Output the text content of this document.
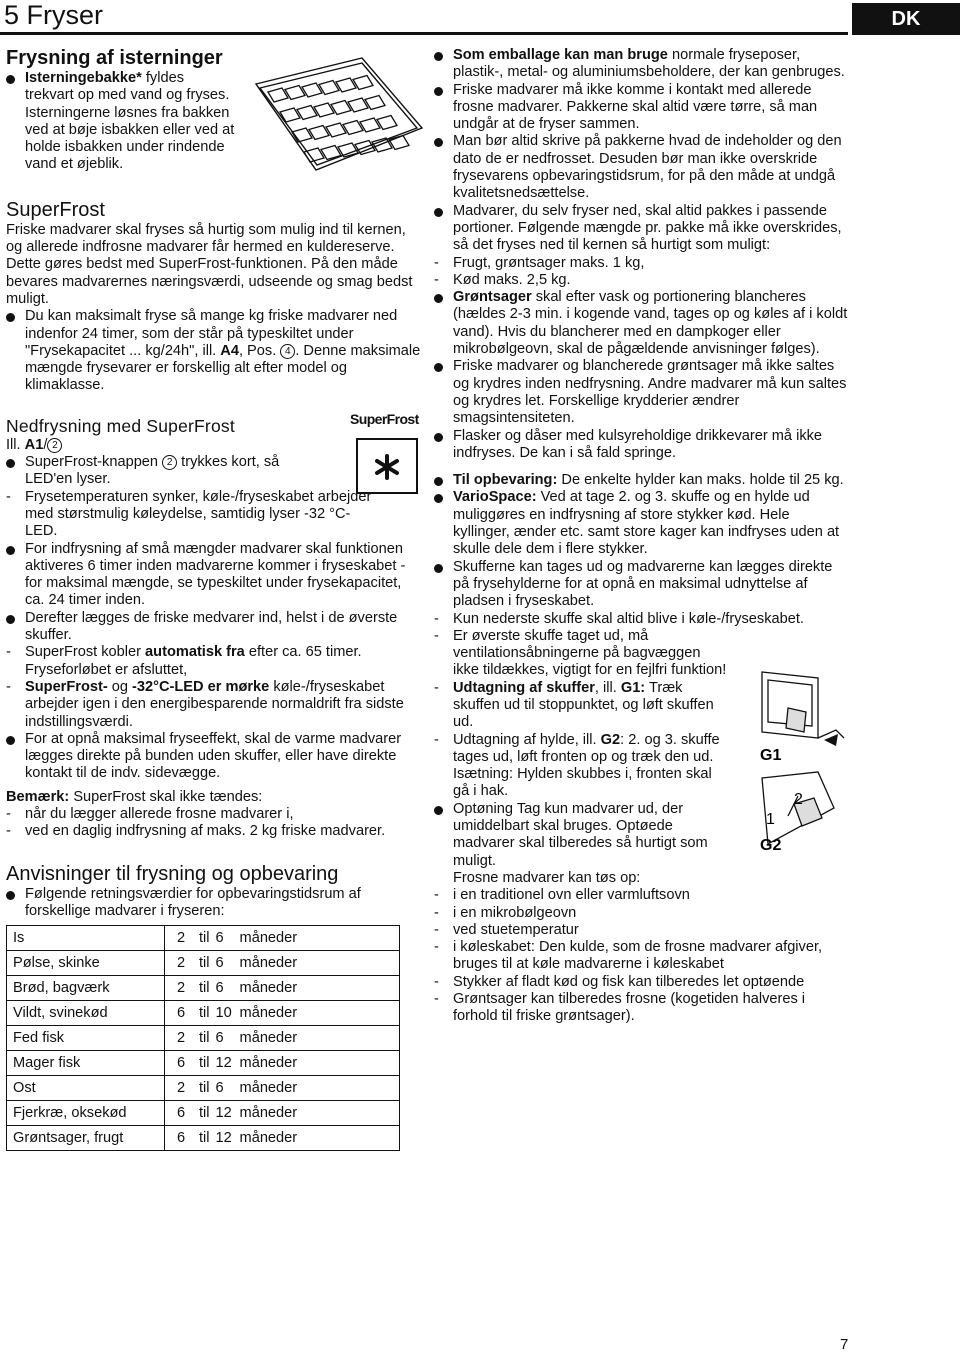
5 Fryser	DK
Frysning af isterninger
Isterningebakke* fyldes
trekvart op med vand og fryses.
Isterningerne løsnes fra bakken
ved at bøje isbakken eller ved at
holde isbakken under rindende
vand et øjeblik.
SuperFrost

Friske madvarer skal fryses så hurtig som mulig ind til kernen, og allerede indfrosne madvarer får hermed en kuldereserve. Dette gøres bedst med SuperFrost-funktionen. På den måde bevares madvarernes næringsværdi, udseende og smag bedst muligt.

Du kan maksimalt fryse så mange kg friske madvarer ned indenfor 24 timer, som der står på typeskiltet under "Frysekapacitet ... kg/24h", ill. A4, Pos. 4 . Denne maksimale mængde frysevarer er forskellig alt efter model og klimaklasse.
Nedfrysning med SuperFrost

Ill. A1/ 2

SuperFrost-knappen 2 trykkes kort, så
LED'en lyser.
- Frysetemperaturen synker, køle-/fryseskabet arbejder med størstmulig køleydelse, samtidig lyser -32 °C-LED.
For indfrysning af små mængder madvarer skal funktionen aktiveres 6 timer inden madvarerne kommer i fryseskabet - for maksimal mængde, se typeskiltet under frysekapacitet, ca. 24 timer inden.
Derefter lægges de friske medvarer ind, helst i de øverste skuffer.
- SuperFrost kobler automatisk fra efter ca. 65 timer.
Fryseforløbet er afsluttet,
- SuperFrost- og -32°C-LED er mørke køle-/fryseskabet arbejder igen i den energibesparende normaldrift fra sidste indstillingsværdi.
For at opnå maksimal fryseeffekt, skal de varme madvarer lægges direkte på bunden uden skuffer, eller have direkte kontakt til de indv. sidevægge.

Bemærk: SuperFrost skal ikke tændes:

- når du lægger allerede frosne madvarer i,
- ved en daglig indfrysning af maks. 2 kg friske madvarer.
Anvisninger til frysning og opbevaring
Følgende retningsværdier for opbevaringstidsrum af forskellige madvarer i fryseren:
Is	2 til 6 måneder
Pølse, skinke	2 til 6 måneder
Brød, bagværk	2 til 6 måneder
Vildt, svinekød	6 til 10 måneder
Fed fisk	2 til 6 måneder
Mager fisk	6 til 12 måneder
Ost	2 til 6 måneder
Fjerkræ, oksekød	6 til 12 måneder
Grøntsager, frugt	6 til 12 måneder
SuperFrost
Som emballage kan man bruge normale fryseposer, plastik-, metal- og aluminiumsbeholdere, der kan genbruges.
Friske madvarer må ikke komme i kontakt med allerede frosne madvarer. Pakkerne skal altid være tørre, så man undgår at de fryser sammen.
Man bør altid skrive på pakkerne hvad de indeholder og den dato de er nedfrosset. Desuden bør man ikke overskride frysevarens opbevaringstidsrum, for på den måde at undgå kvalitetsnedsættelse.
Madvarer, du selv fryser ned, skal altid pakkes i passende portioner. Følgende mængde pr. pakke må ikke overskrides, så det fryses ned til kernen så hurtigt som muligt:
- Frugt, grøntsager maks. 1 kg,
- Kød maks. 2,5 kg.
Grøntsager skal efter vask og portionering blancheres (hældes 2-3 min. i kogende vand, tages op og køles af i koldt vand). Hvis du blancherer med en dampkoger eller mikrobølgeovn, skal de pågældende anvisninger følges).
Friske madvarer og blancherede grøntsager må ikke saltes og krydres inden nedfrysning. Andre madvarer må kun saltes og krydres let. Forskellige krydderier ændrer smagsintensiteten.
Flasker og dåser med kulsyreholdige drikkevarer må ikke indfryses. De kan i så fald springe.
Til opbevaring: De enkelte hylder kan maks. holde til 25 kg.
VarioSpace: Ved at tage 2. og 3. skuffe og en hylde ud muliggøres en indfrysning af store stykker kød. Hele kyllinger, ænder etc. samt store kager kan indfryses uden at skulle dele dem i flere stykker.
Skufferne kan tages ud og madvarerne kan lægges direkte på frysehylderne for at opnå en maksimal udnyttelse af pladsen i fryseskabet.
- Kun nederste skuffe skal altid blive i køle-/fryseskabet.
- Er øverste skuffe taget ud, må
ventilationsåbningerne på bagvæggen
ikke tildækkes, vigtigt for en fejlfri funktion!
- Udtagning af skuffer, ill. G1: Træk
skuffen ud til stoppunktet, og løft skuffen
ud.
- Udtagning af hylde, ill. G2: 2. og 3. skuffe
tages ud, løft fronten op og træk den ud.
Isætning: Hylden skubbes i, fronten skal
gå i hak.
Optøning Tag kun madvarer ud, der
umiddelbart skal bruges. Optøede
madvarer skal tilberedes så hurtigt som
muligt.
Frosne madvarer kan tøs op:
- i en traditionel ovn eller varmluftsovn
- i en mikrobølgeovn
- ved stuetemperatur
- i køleskabet: Den kulde, som de frosne madvarer afgiver, bruges til at køle madvarerne i køleskabet
- Stykker af fladt kød og fisk kan tilberedes let optøende
- Grøntsager kan tilberedes frosne (kogetiden halveres i forhold til friske grøntsager).
G1
G2
1
2
7
